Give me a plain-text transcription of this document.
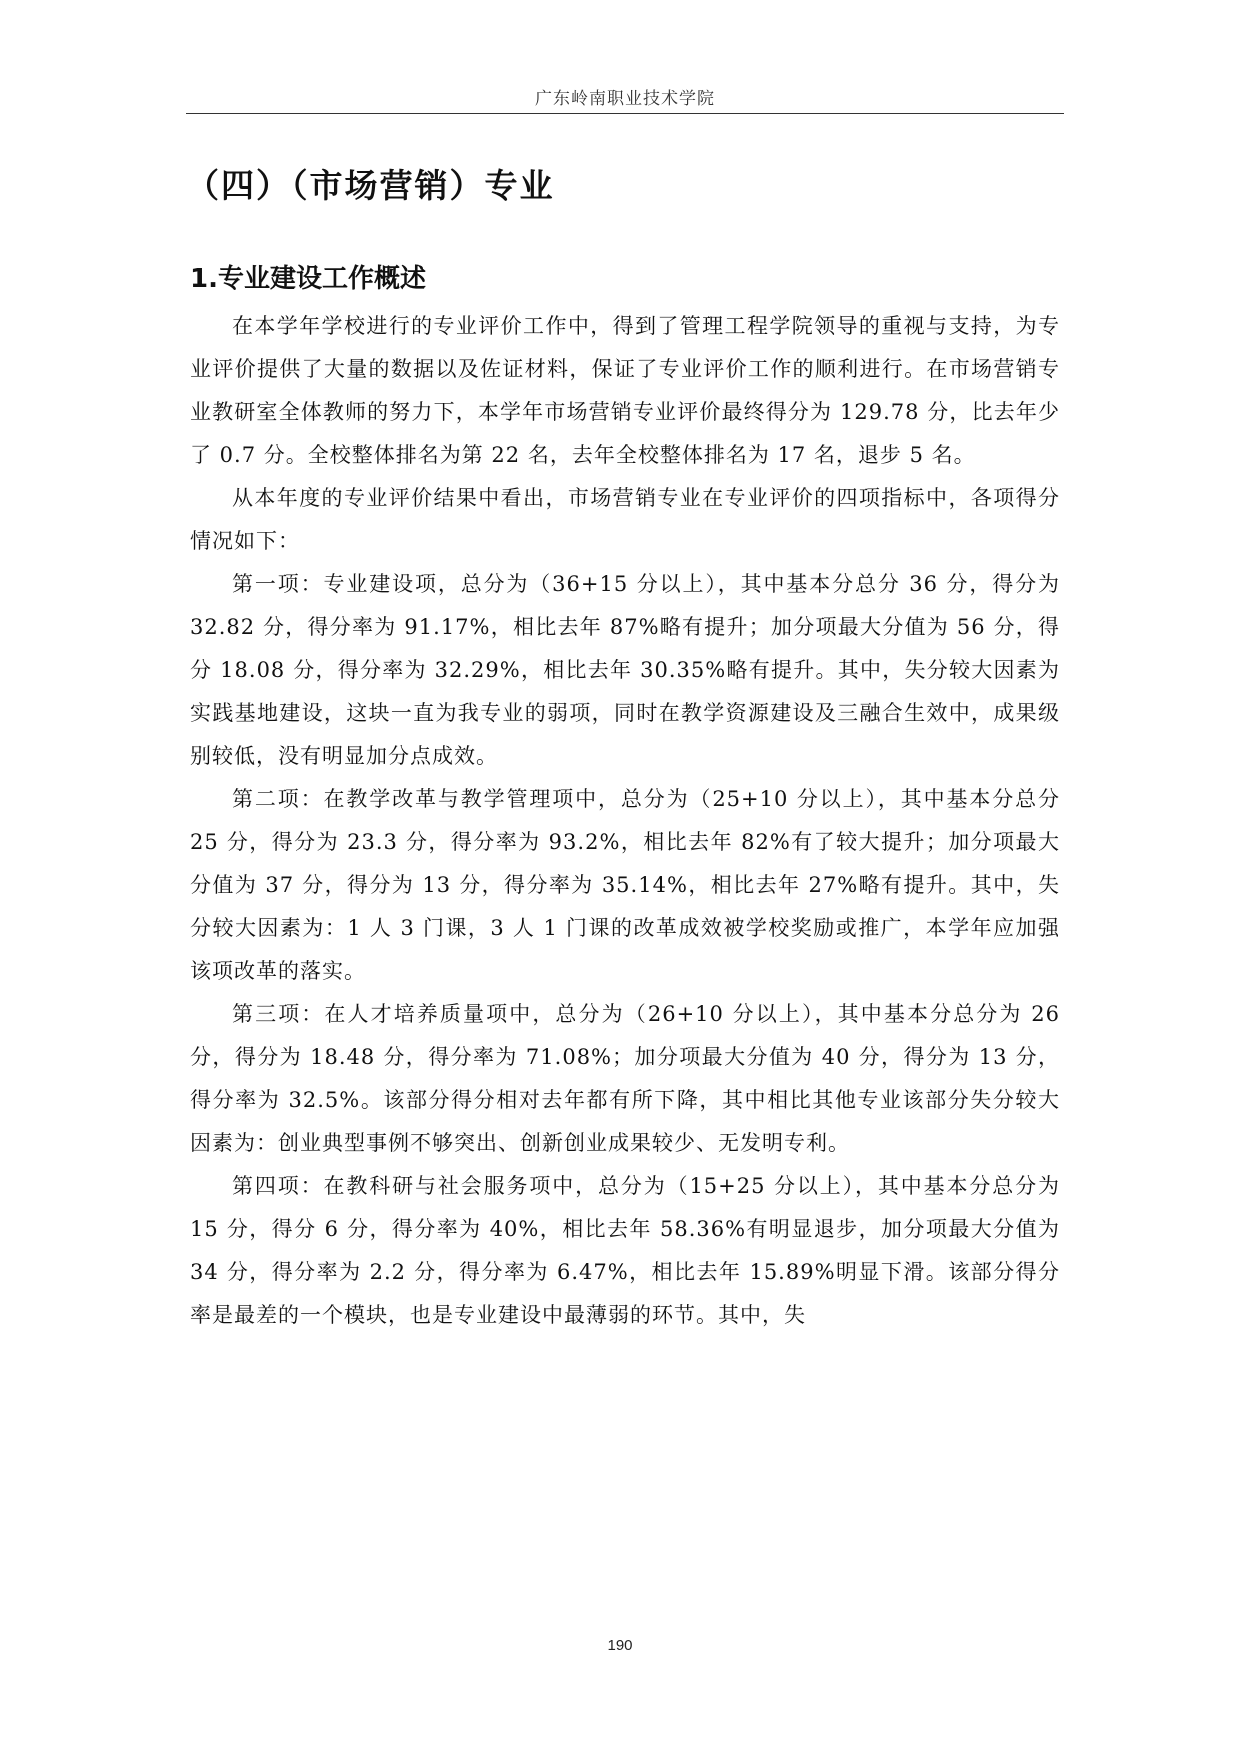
广东岭南职业技术学院
（四）（市场营销）专业
1.专业建设工作概述

在本学年学校进行的专业评价工作中，得到了管理工程学院领导的重视与支持，为专业评价提供了大量的数据以及佐证材料，保证了专业评价工作的顺利进行。在市场营销专业教研室全体教师的努力下，本学年市场营销专业评价最终得分为 129.78 分，比去年少了 0.7 分。全校整体排名为第 22 名，去年全校整体排名为 17 名，退步 5 名。

从本年度的专业评价结果中看出，市场营销专业在专业评价的四项指标中，各项得分情况如下：

第一项：专业建设项，总分为（36+15 分以上），其中基本分总分 36 分，得分为 32.82 分，得分率为 91.17%，相比去年 87%略有提升；加分项最大分值为 56 分，得分 18.08 分，得分率为 32.29%，相比去年 30.35%略有提升。其中，失分较大因素为实践基地建设，这块一直为我专业的弱项，同时在教学资源建设及三融合生效中，成果级别较低，没有明显加分点成效。

第二项：在教学改革与教学管理项中，总分为（25+10 分以上），其中基本分总分 25 分，得分为 23.3 分，得分率为 93.2%，相比去年 82%有了较大提升；加分项最大分值为 37 分，得分为 13 分，得分率为 35.14%，相比去年 27%略有提升。其中，失分较大因素为：1 人 3 门课，3 人 1 门课的改革成效被学校奖励或推广，本学年应加强该项改革的落实。

第三项：在人才培养质量项中，总分为（26+10 分以上），其中基本分总分为 26 分，得分为 18.48 分，得分率为 71.08%；加分项最大分值为 40 分，得分为 13 分，得分率为 32.5%。该部分得分相对去年都有所下降，其中相比其他专业该部分失分较大因素为：创业典型事例不够突出、创新创业成果较少、无发明专利。

第四项：在教科研与社会服务项中，总分为（15+25 分以上），其中基本分总分为 15 分，得分 6 分，得分率为 40%，相比去年 58.36%有明显退步，加分项最大分值为 34 分，得分率为 2.2 分，得分率为 6.47%，相比去年 15.89%明显下滑。该部分得分率是最差的一个模块，也是专业建设中最薄弱的环节。其中，失

190
